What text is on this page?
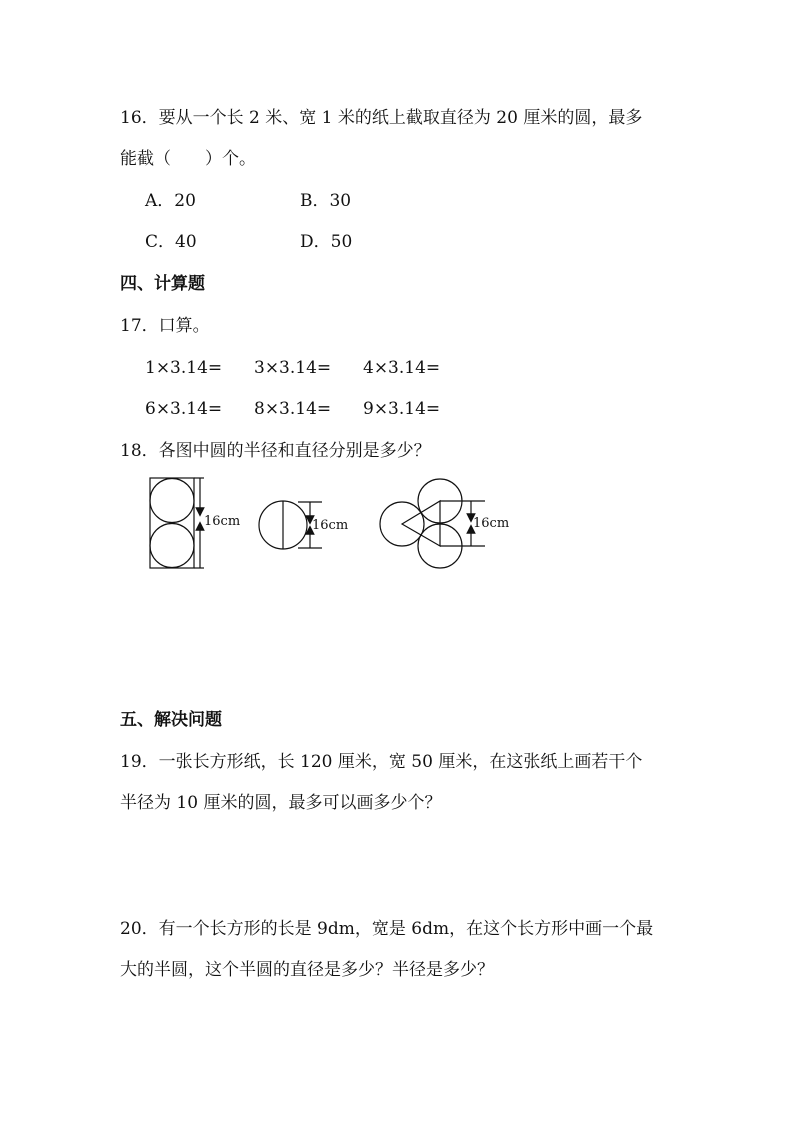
16．要从一个长 2 米、宽 1 米的纸上截取直径为 20 厘米的圆，最多
能截（　　）个。
A．20	B．30
C．40	D．50
四、计算题
17．口算。
1×3.14= 3×3.14= 4×3.14=
6×3.14= 8×3.14= 9×3.14=
18．各图中圆的半径和直径分别是多少？
16cm	16cm	16cm
五、解决问题
19．一张长方形纸，长 120 厘米，宽 50 厘米，在这张纸上画若干个
半径为 10 厘米的圆，最多可以画多少个？
20．有一个长方形的长是 9dm，宽是 6dm，在这个长方形中画一个最
大的半圆，这个半圆的直径是多少？半径是多少？
